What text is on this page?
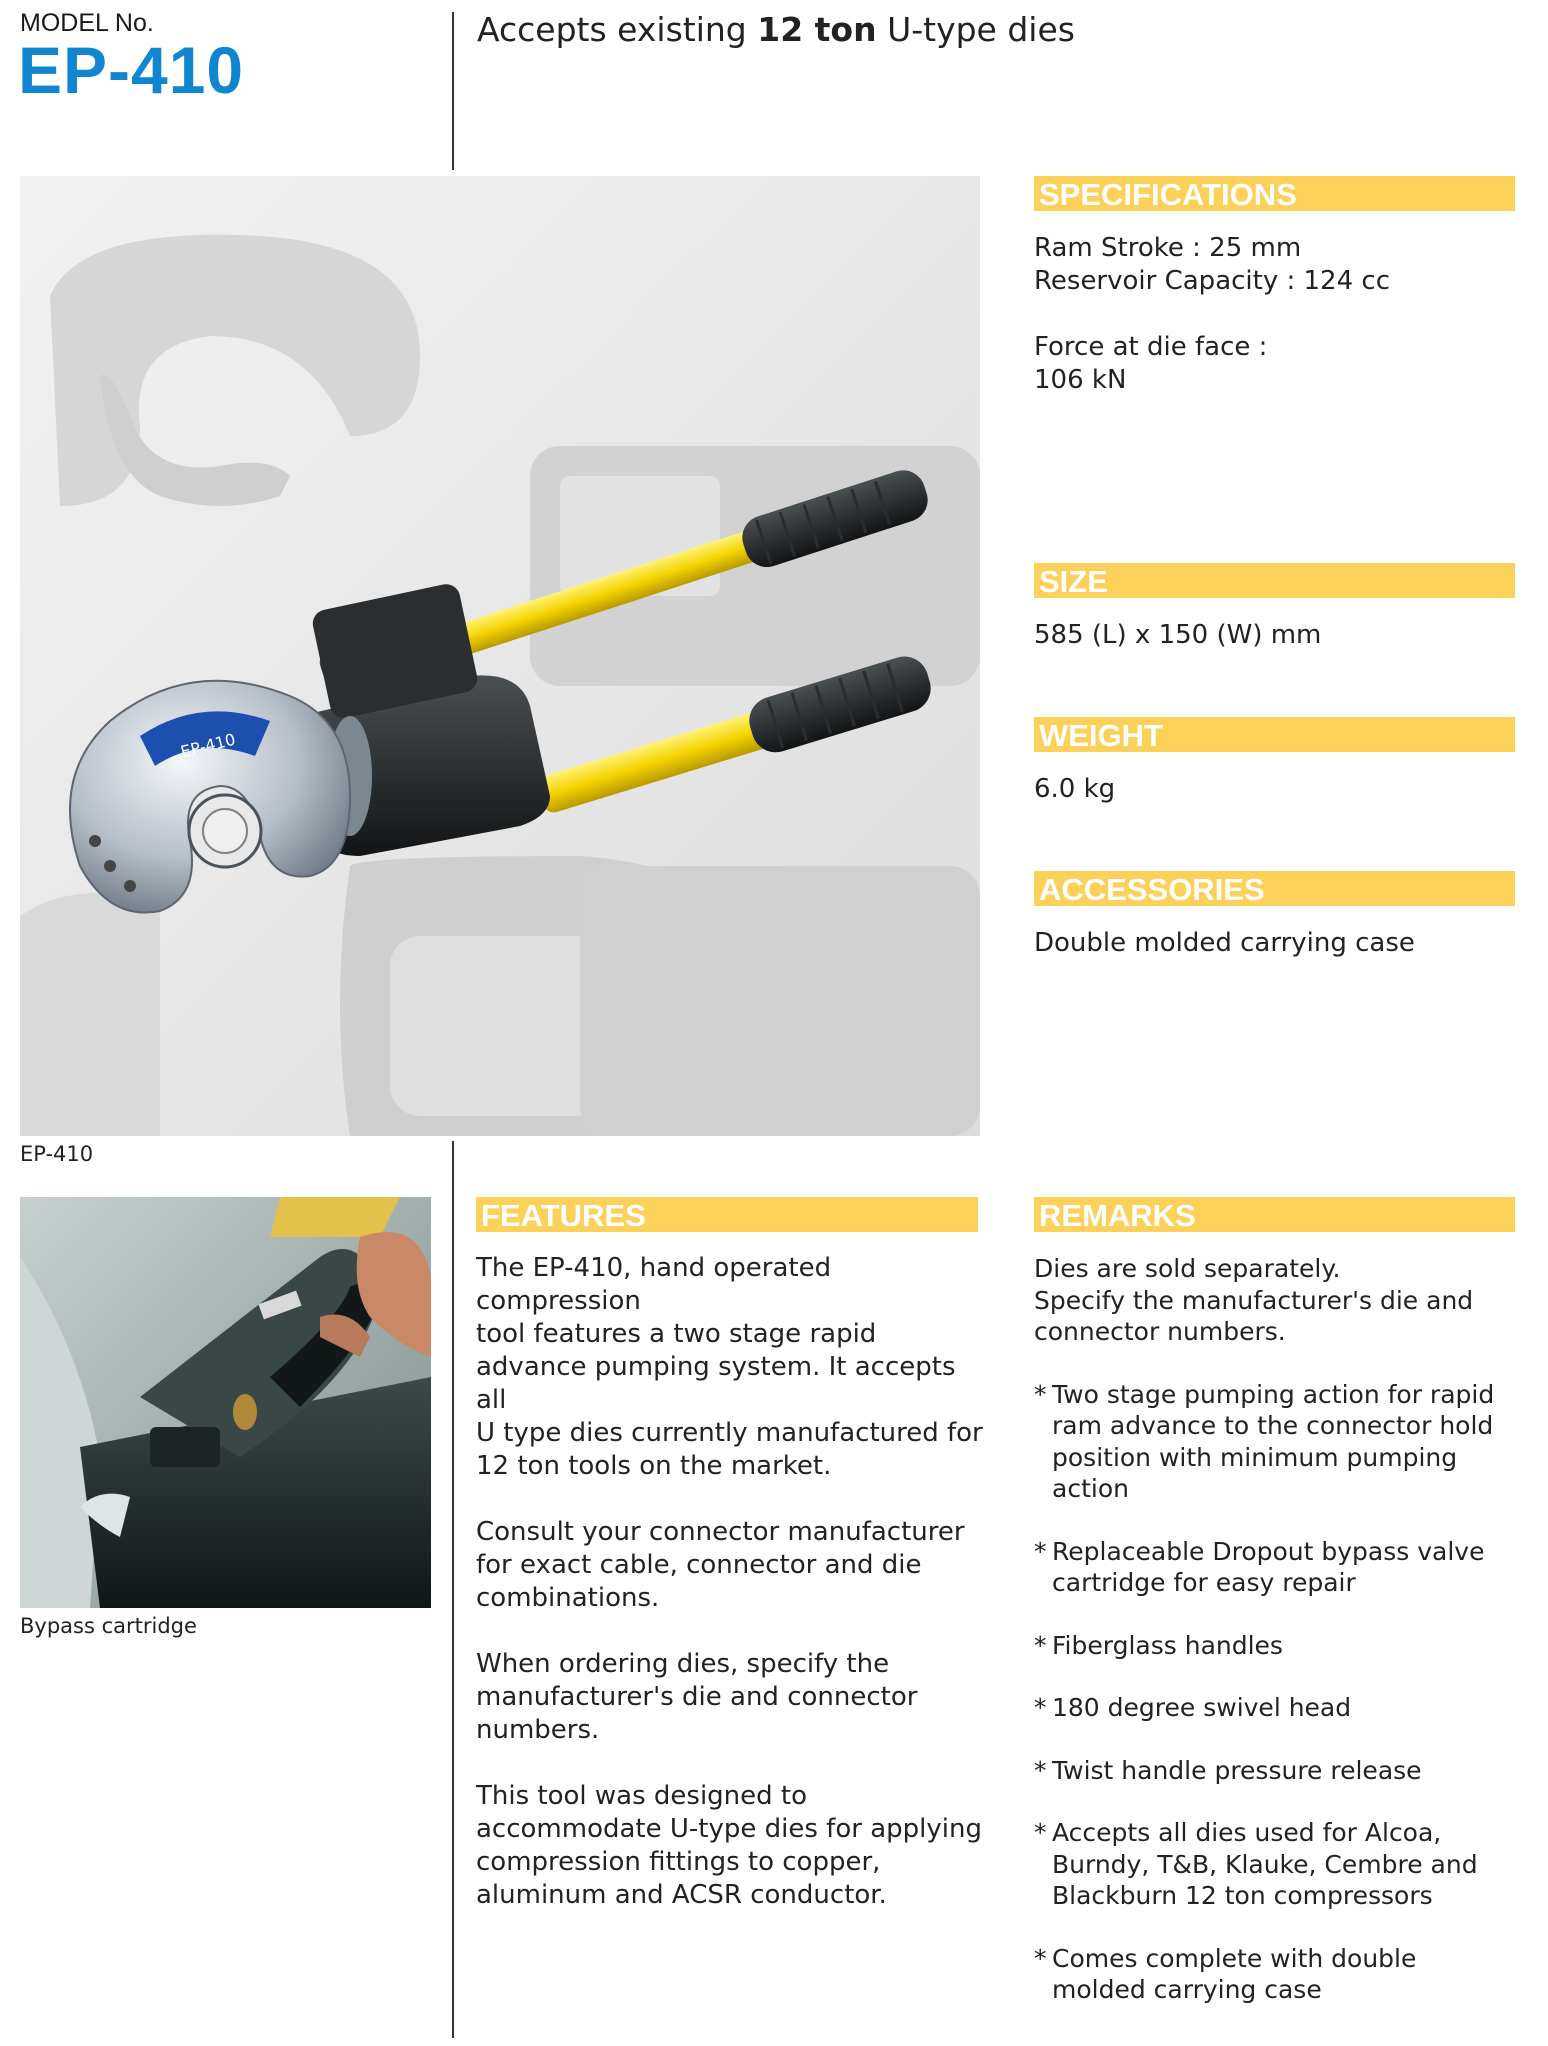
MODEL No.
EP-410
Accepts existing 12 ton U-type dies
EP-410
EP-410
Bypass cartridge
SPECIFICATIONS
Ram Stroke : 25 mm
Reservoir Capacity : 124 cc
Force at die face :
106 kN
SIZE
585 (L) x 150 (W) mm
WEIGHT
6.0 kg
ACCESSORIES
Double molded carrying case
FEATURES
The EP-410, hand operated compression
tool features a two stage rapid
advance pumping system. It accepts all
U type dies currently manufactured for
12 ton tools on the market.
Consult your connector manufacturer
for exact cable, connector and die
combinations.
When ordering dies, specify the
manufacturer's die and connector
numbers.
This tool was designed to
accommodate U-type dies for applying
compression fittings to copper,
aluminum and ACSR conductor.
REMARKS
Dies are sold separately.
Specify the manufacturer's die and
connector numbers.
* Two stage pumping action for rapid
ram advance to the connector hold
position with minimum pumping
action
* Replaceable Dropout bypass valve
cartridge for easy repair
* Fiberglass handles
* 180 degree swivel head
* Twist handle pressure release
* Accepts all dies used for Alcoa,
Burndy, T&B, Klauke, Cembre and
Blackburn 12 ton compressors
* Comes complete with double
molded carrying case
